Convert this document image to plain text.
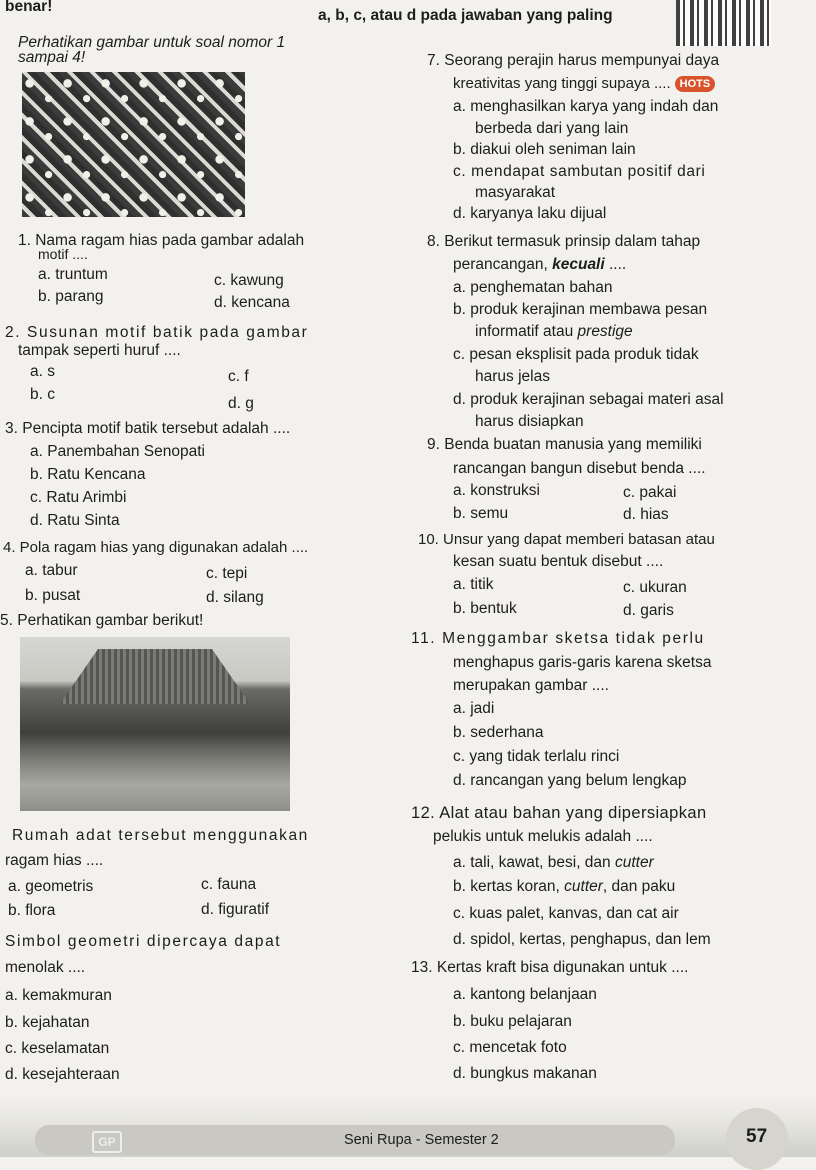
benar!
a, b, c, atau d pada jawaban yang paling
Perhatikan gambar untuk soal nomor 1
sampai 4!
1. Nama ragam hias pada gambar adalah
motif ....
a. truntum
b. parang
c. kawung
d. kencana
2. Susunan motif batik pada gambar
tampak seperti huruf ....
a. s
b. c
c. f
d. g
3. Pencipta motif batik tersebut adalah ....
a. Panembahan Senopati
b. Ratu Kencana
c. Ratu Arimbi
d. Ratu Sinta
4. Pola ragam hias yang digunakan adalah ....
a. tabur
b. pusat
c. tepi
d. silang
5. Perhatikan gambar berikut!
Rumah adat tersebut menggunakan
ragam hias ....
a. geometris
b. flora
c. fauna
d. figuratif
Simbol geometri dipercaya dapat
menolak ....
a. kemakmuran
b. kejahatan
c. keselamatan
d. kesejahteraan
7. Seorang perajin harus mempunyai daya
kreativitas yang tinggi supaya .... HOTS
a. menghasilkan karya yang indah dan
berbeda dari yang lain
b. diakui oleh seniman lain
c. mendapat sambutan positif dari
masyarakat
d. karyanya laku dijual
8. Berikut termasuk prinsip dalam tahap
perancangan, kecuali ....
a. penghematan bahan
b. produk kerajinan membawa pesan
informatif atau prestige
c. pesan eksplisit pada produk tidak
harus jelas
d. produk kerajinan sebagai materi asal
harus disiapkan
9. Benda buatan manusia yang memiliki
rancangan bangun disebut benda ....
a. konstruksi
b. semu
c. pakai
d. hias
10. Unsur yang dapat memberi batasan atau
kesan suatu bentuk disebut ....
a. titik
b. bentuk
c. ukuran
d. garis
11. Menggambar sketsa tidak perlu
menghapus garis-garis karena sketsa
merupakan gambar ....
a. jadi
b. sederhana
c. yang tidak terlalu rinci
d. rancangan yang belum lengkap
12. Alat atau bahan yang dipersiapkan
pelukis untuk melukis adalah ....
a. tali, kawat, besi, dan cutter
b. kertas koran, cutter, dan paku
c. kuas palet, kanvas, dan cat air
d. spidol, kertas, penghapus, dan lem
13. Kertas kraft bisa digunakan untuk ....
a. kantong belanjaan
b. buku pelajaran
c. mencetak foto
d. bungkus makanan
GP	Seni Rupa - Semester 2	57
